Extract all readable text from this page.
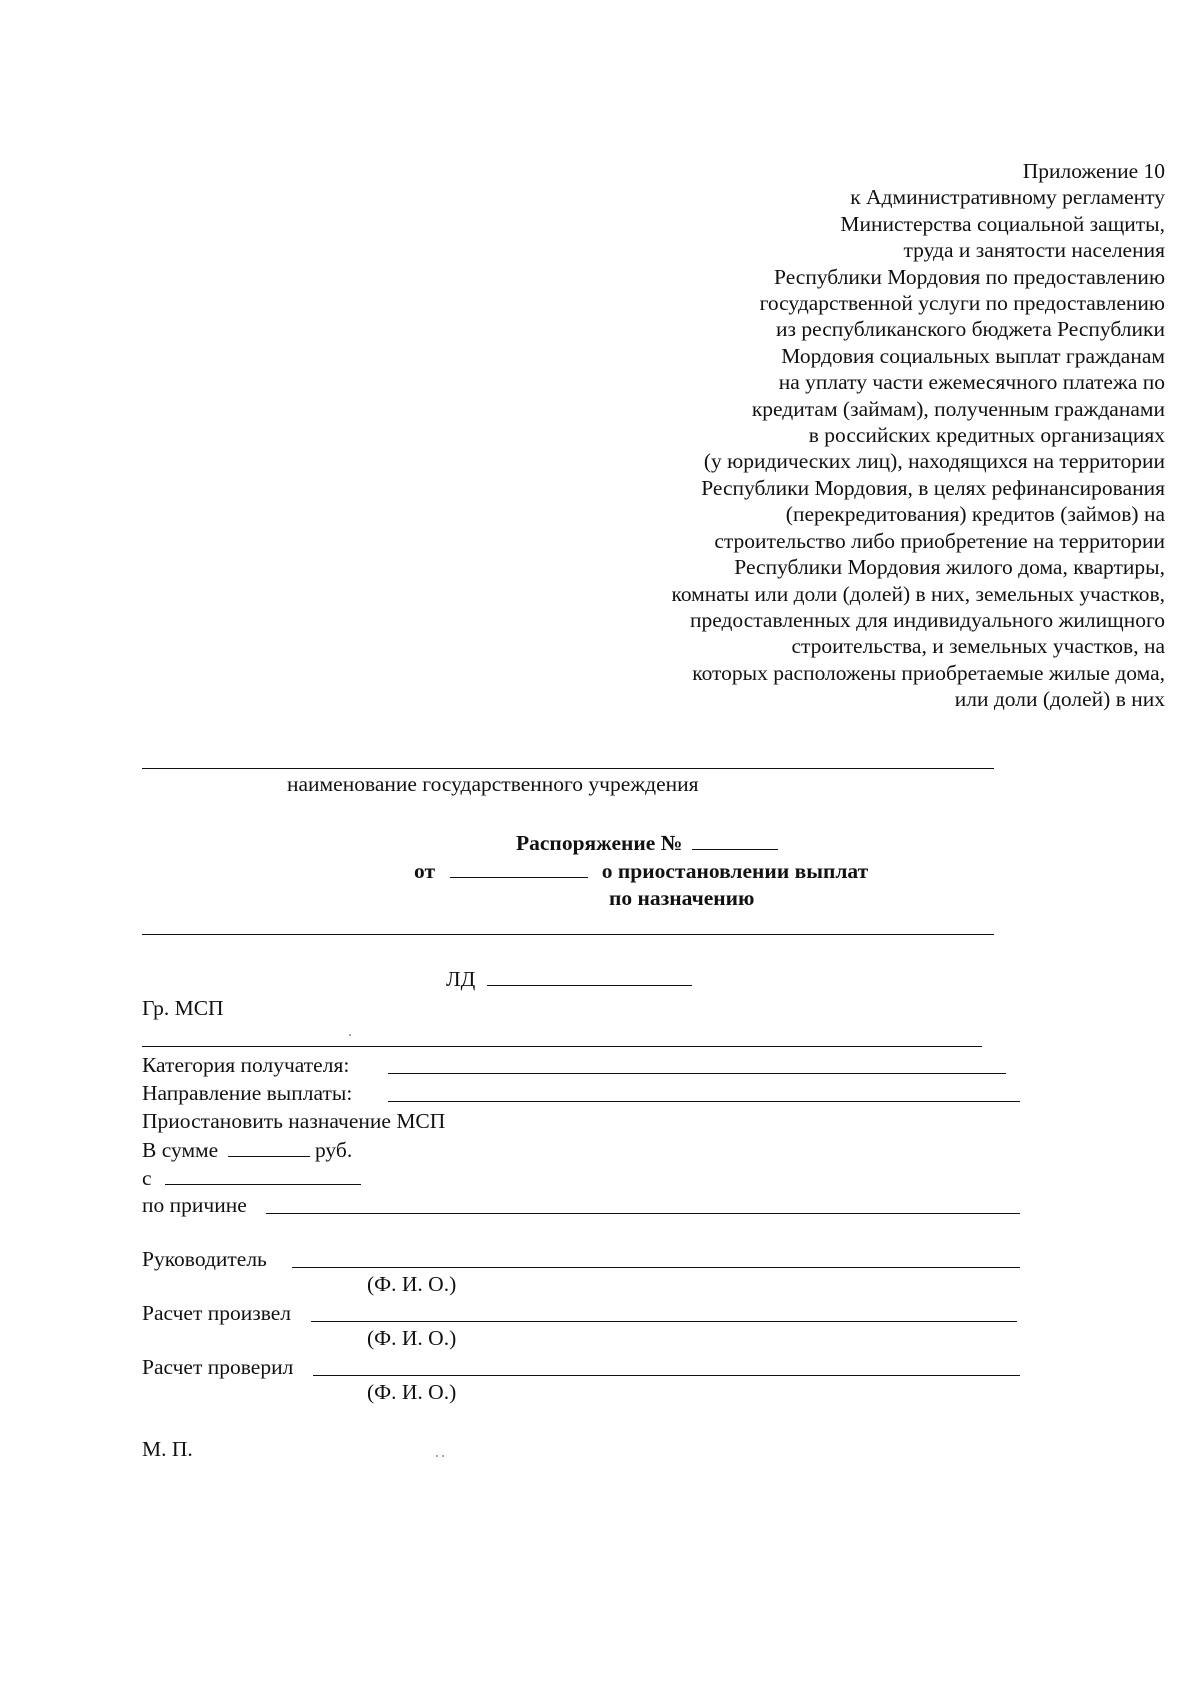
Приложение 10
к Административному регламенту
Министерства социальной защиты,
труда и занятости населения
Республики Мордовия по предоставлению
государственной услуги по предоставлению
из республиканского бюджета Республики
Мордовия социальных выплат гражданам
на уплату части ежемесячного платежа по
кредитам (займам), полученным гражданами
в российских кредитных организациях
(у юридических лиц), находящихся на территории
Республики Мордовия, в целях рефинансирования
(перекредитования) кредитов (займов) на
строительство либо приобретение на территории
Республики Мордовия жилого дома, квартиры,
комнаты или доли (долей) в них, земельных участков,
предоставленных для индивидуального жилищного
строительства, и земельных участков, на
которых расположены приобретаемые жилые дома,
или доли (долей) в них
наименование государственного учреждения
Распоряжение №
от	о приостановлении выплат
по назначению
ЛД
Гр. МСП
Категория получателя:
Направление выплаты:
Приостановить назначение МСП
В сумме	руб.
с
по причине
Руководитель
(Ф. И. О.)
Расчет произвел
(Ф. И. О.)
Расчет проверил
(Ф. И. О.)
М. П.
